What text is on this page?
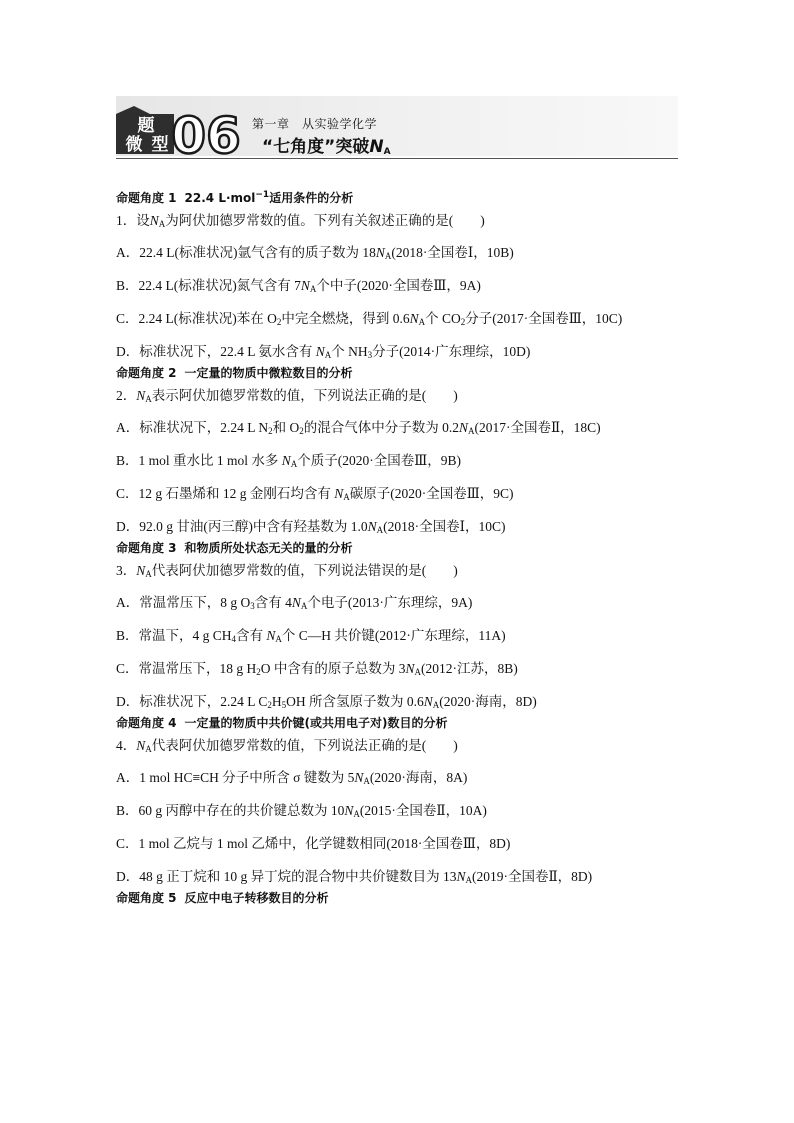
题
微 型 06 第一章　从实验学化学
“七角度”突破$N_A$
命题角度 1 22.4 L·mol$^{-1}$适用条件的分析
1．设$N_A$为阿伏加德罗常数的值。下列有关叙述正确的是(　　)
A．22.4 L(标准状况)氩气含有的质子数为 $18N_A(2018\cdot$全国卷Ⅰ，10B)
B．22.4 L(标准状况)氮气含有 $7N_A$个中子(2020·全国卷Ⅲ，9A)
C．2.24 L(标准状况)苯在 $O_2$中完全燃烧，得到 $0.6N_A$个 $CO_2$分子(2017·全国卷Ⅲ，10C)
D．标准状况下，22.4 L 氨水含有 $N_A$个 $NH_3$分子(2014·广东理综，10D)
命题角度 2 一定量的物质中微粒数目的分析
2．$N_A$表示阿伏加德罗常数的值，下列说法正确的是(　　)
A．标准状况下，2.24 L $N_2$和 $O_2$的混合气体中分子数为 $0.2N_A(2017\cdot$全国卷Ⅱ，18C)
B．1 mol 重水比 1 mol 水多 $N_A$个质子(2020·全国卷Ⅲ，9B)
C．12 g 石墨烯和 12 g 金刚石均含有 $N_A$碳原子(2020·全国卷Ⅲ，9C)
D．92.0 g 甘油(丙三醇)中含有羟基数为 $1.0N_A(2018\cdot$全国卷Ⅰ，10C)
命题角度 3 和物质所处状态无关的量的分析
3．$N_A$代表阿伏加德罗常数的值，下列说法错误的是(　　)
A．常温常压下，8 g $O_3$含有 $4N_A$个电子(2013·广东理综，9A)
B．常温下，4 g $CH_4$含有 $N_A$个 C—H 共价键(2012·广东理综，11A)
C．常温常压下，18 g $H_2O$ 中含有的原子总数为 $3N_A(2012\cdot$江苏，8B)
D．标准状况下，2.24 L $C_2H_5OH$ 所含氢原子数为 $0.6N_A(2020\cdot$海南，8D)
命题角度 4 一定量的物质中共价键(或共用电子对)数目的分析
4．$N_A$代表阿伏加德罗常数的值，下列说法正确的是(　　)
A．1 mol HC≡CH 分子中所含 σ 键数为 $5N_A(2020\cdot$海南，8A)
B．60 g 丙醇中存在的共价键总数为 $10N_A(2015\cdot$全国卷Ⅱ，10A)
C．1 mol 乙烷与 1 mol 乙烯中，化学键数相同(2018·全国卷Ⅲ，8D)
D．48 g 正丁烷和 10 g 异丁烷的混合物中共价键数目为 $13N_A(2019\cdot$全国卷Ⅱ，8D)
命题角度 5 反应中电子转移数目的分析
